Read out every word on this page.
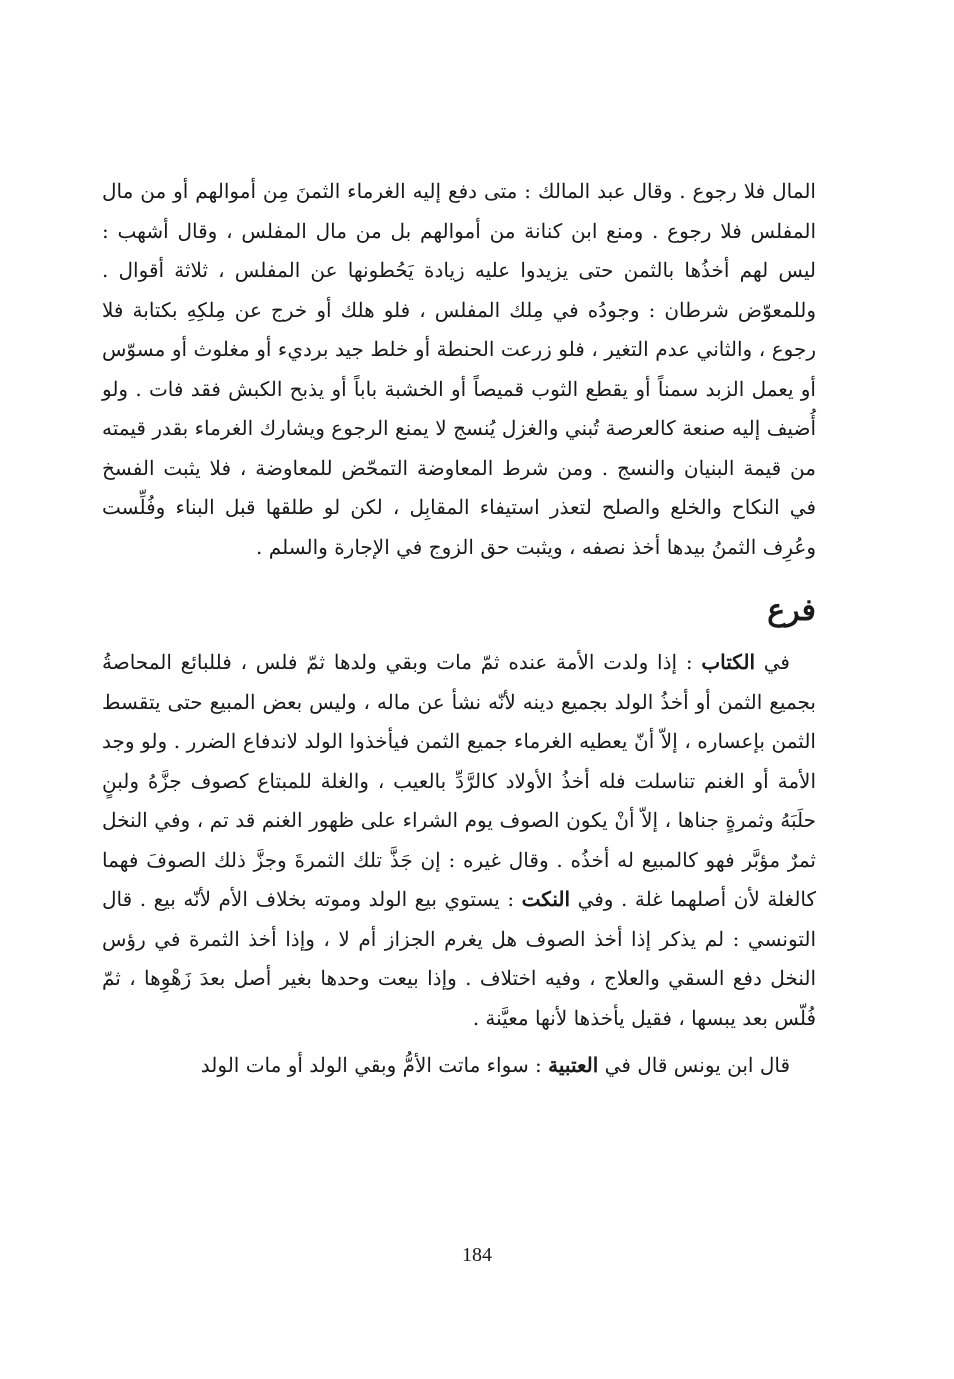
المال فلا رجوع . وقال عبد المالك : متى دفع إليه الغرماء الثمنَ مِن أموالهم أو من مال المفلس فلا رجوع . ومنع ابن كنانة من أموالهم بل من مال المفلس ، وقال أشهب : ليس لهم أخذُها بالثمن حتى يزيدوا عليه زيادة يَحُطونها عن المفلس ، ثلاثة أقوال . وللمعوّض شرطان : وجودُه في مِلك المفلس ، فلو هلك أو خرج عن مِلكِهِ بكتابة فلا رجوع ، والثاني عدم التغير ، فلو زرعت الحنطة أو خلط جيد برديء أو مغلوث أو مسوّس أو يعمل الزبد سمناً أو يقطع الثوب قميصاً أو الخشبة باباً أو يذبح الكبش فقد فات . ولو أُضيف إليه صنعة كالعرصة تُبني والغزل يُنسج لا يمنع الرجوع ويشارك الغرماء بقدر قيمته من قيمة البنيان والنسج . ومن شرط المعاوضة التمحّض للمعاوضة ، فلا يثبت الفسخ في النكاح والخلع والصلح لتعذر استيفاء المقابِل ، لكن لو طلقها قبل البناء وفُلِّست وعُرِف الثمنُ بيدها أخذ نصفه ، ويثبت حق الزوج في الإجارة والسلم .

فرع

في الكتاب : إذا ولدت الأمة عنده ثمّ مات وبقي ولدها ثمّ فلس ، فللبائع المحاصةُ بجميع الثمن أو أخذُ الولد بجميع دينه لأنّه نشأ عن ماله ، وليس بعض المبيع حتى يتقسط الثمن بإعساره ، إلاّ أنّ يعطيه الغرماء جميع الثمن فيأخذوا الولد لاندفاع الضرر . ولو وجد الأمة أو الغنم تناسلت فله أخذُ الأولاد كالرَّدِّ بالعيب ، والغلة للمبتاع كصوف جزَّهُ ولبنٍ حلَبَهُ وثمرةٍ جناها ، إلاّ أنْ يكون الصوف يوم الشراء على ظهور الغنم قد تم ، وفي النخل ثمرٌ مؤبَّر فهو كالمبيع له أخذُه . وقال غيره : إن جَذَّ تلك الثمرةَ وجزَّ ذلك الصوفَ فهما كالغلة لأن أصلهما غلة . وفي النكت : يستوي بيع الولد وموته بخلاف الأم لأنّه بيع . قال التونسي : لم يذكر إذا أخذ الصوف هل يغرم الجزاز أم لا ، وإذا أخذ الثمرة في رؤس النخل دفع السقي والعلاج ، وفيه اختلاف . وإذا بيعت وحدها بغير أصل بعدَ زَهْوِها ، ثمّ فُلّس بعد يبسها ، فقيل يأخذها لأنها معيَّنة .

قال ابن يونس قال في العتبية : سواء ماتت الأمُّ وبقي الولد أو مات الولد

184
